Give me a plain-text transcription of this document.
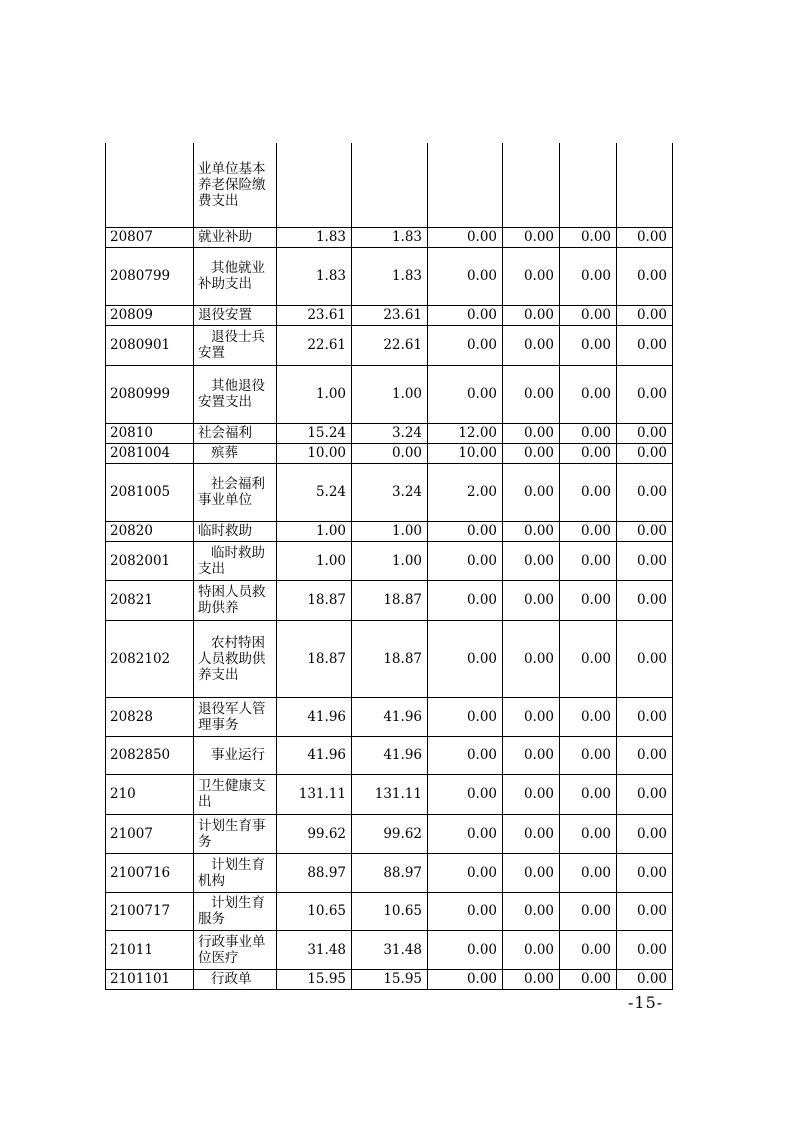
	业单位基本养老保险缴费支出						
20807	就业补助	1.83	1.83	0.00	0.00	0.00	0.00
2080799	其他就业补助支出	1.83	1.83	0.00	0.00	0.00	0.00
20809	退役安置	23.61	23.61	0.00	0.00	0.00	0.00
2080901	退役士兵安置	22.61	22.61	0.00	0.00	0.00	0.00
2080999	其他退役安置支出	1.00	1.00	0.00	0.00	0.00	0.00
20810	社会福利	15.24	3.24	12.00	0.00	0.00	0.00
2081004	殡葬	10.00	0.00	10.00	0.00	0.00	0.00
2081005	社会福利事业单位	5.24	3.24	2.00	0.00	0.00	0.00
20820	临时救助	1.00	1.00	0.00	0.00	0.00	0.00
2082001	临时救助支出	1.00	1.00	0.00	0.00	0.00	0.00
20821	特困人员救助供养	18.87	18.87	0.00	0.00	0.00	0.00
2082102	农村特困人员救助供养支出	18.87	18.87	0.00	0.00	0.00	0.00
20828	退役军人管理事务	41.96	41.96	0.00	0.00	0.00	0.00
2082850	事业运行	41.96	41.96	0.00	0.00	0.00	0.00
210	卫生健康支出	131.11	131.11	0.00	0.00	0.00	0.00
21007	计划生育事务	99.62	99.62	0.00	0.00	0.00	0.00
2100716	计划生育机构	88.97	88.97	0.00	0.00	0.00	0.00
2100717	计划生育服务	10.65	10.65	0.00	0.00	0.00	0.00
21011	行政事业单位医疗	31.48	31.48	0.00	0.00	0.00	0.00
2101101	行政单	15.95	15.95	0.00	0.00	0.00	0.00
-15-
